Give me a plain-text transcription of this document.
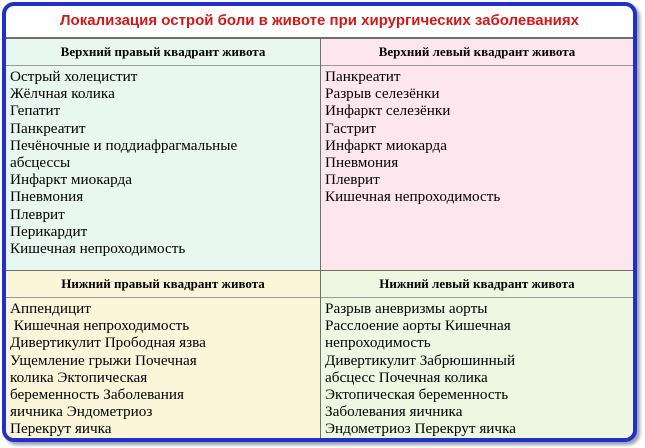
Локализация острой боли в животе при хирургических заболеваниях
Верхний правый квадрант живота
Острый холецистит
Жёлчная колика
Гепатит
Панкреатит
Печёночные и поддиафрагмальные
абсцессы
Инфаркт миокарда
Пневмония
Плеврит
Перикардит
Кишечная непроходимость
Верхний левый квадрант живота
Панкреатит
Разрыв селезёнки
Инфаркт селезёнки
Гастрит
Инфаркт миокарда
Пневмония
Плеврит
Кишечная непроходимость
Нижний правый квадрант живота
Аппендицит
Кишечная непроходимость
Дивертикулит Прободная язва
Ущемление грыжи Почечная
колика Эктопическая
беременность Заболевания
яичника Эндометриоз
Перекрут яичка
Нижний левый квадрант живота
Разрыв аневризмы аорты
Расслоение аорты Кишечная
непроходимость
Дивертикулит Забрюшинный
абсцесс Почечная колика
Эктопическая беременность
Заболевания яичника
Эндометриоз Перекрут яичка
